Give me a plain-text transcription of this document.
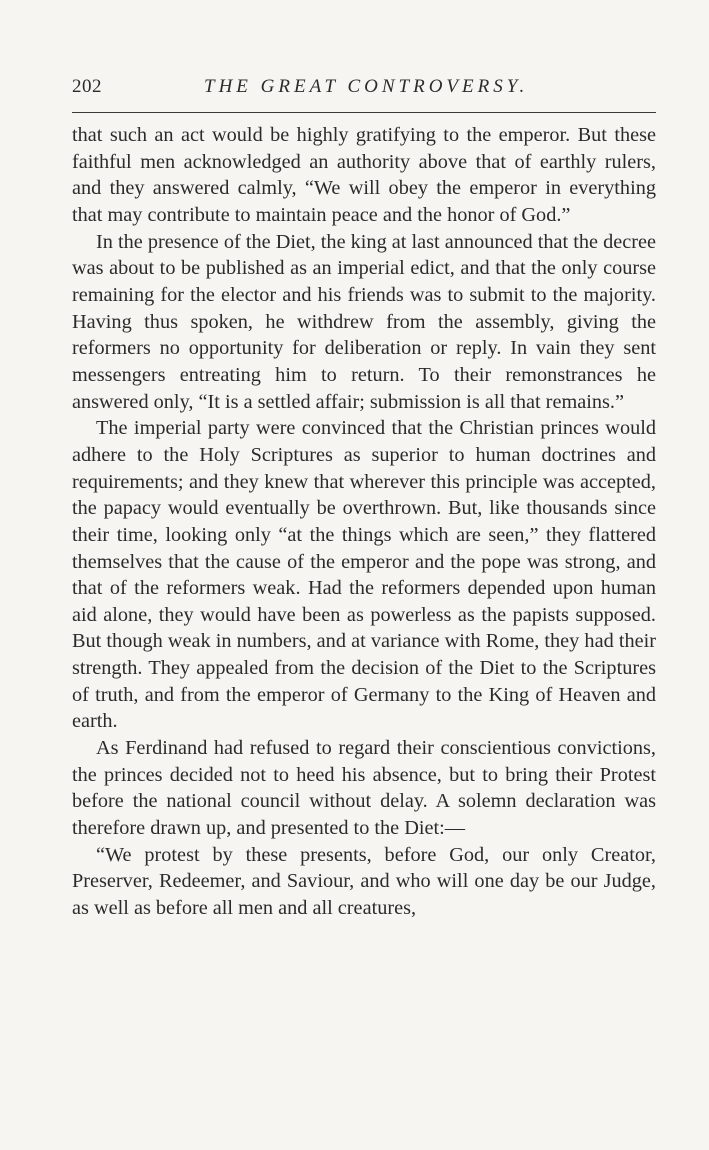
202	THE GREAT CONTROVERSY.

that such an act would be highly gratifying to the emperor. But these faithful men acknowledged an authority above that of earthly rulers, and they answered calmly, “We will obey the emperor in everything that may contribute to maintain peace and the honor of God.”

In the presence of the Diet, the king at last announced that the decree was about to be published as an imperial edict, and that the only course remaining for the elector and his friends was to submit to the majority. Having thus spoken, he withdrew from the assembly, giving the reformers no opportunity for deliberation or reply. In vain they sent messengers entreating him to return. To their remonstrances he answered only, “It is a settled affair; submission is all that remains.”

The imperial party were convinced that the Christian princes would adhere to the Holy Scriptures as superior to human doctrines and requirements; and they knew that wherever this principle was accepted, the papacy would eventually be overthrown. But, like thousands since their time, looking only “at the things which are seen,” they flattered themselves that the cause of the emperor and the pope was strong, and that of the reformers weak. Had the reformers depended upon human aid alone, they would have been as powerless as the papists supposed. But though weak in numbers, and at variance with Rome, they had their strength. They appealed from the decision of the Diet to the Scriptures of truth, and from the emperor of Germany to the King of Heaven and earth.

As Ferdinand had refused to regard their conscientious convictions, the princes decided not to heed his absence, but to bring their Protest before the national council without delay. A solemn declaration was therefore drawn up, and presented to the Diet:—

“We protest by these presents, before God, our only Creator, Preserver, Redeemer, and Saviour, and who will one day be our Judge, as well as before all men and all creatures,
